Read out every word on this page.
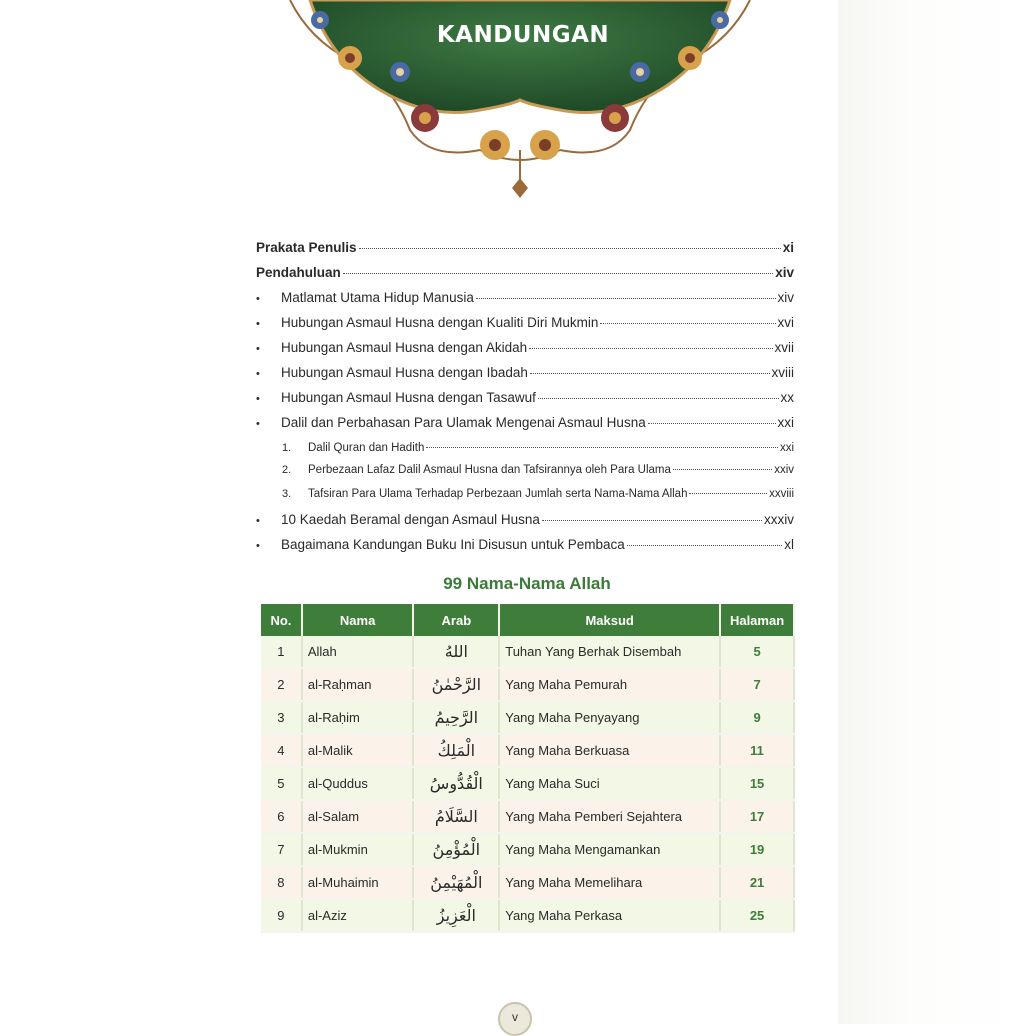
KANDUNGAN
Prakata Penulis	xi
Pendahuluan	xiv
•	Matlamat Utama Hidup Manusia	xiv
•	Hubungan Asmaul Husna dengan Kualiti Diri Mukmin	xvi
•	Hubungan Asmaul Husna dengan Akidah	xvii
•	Hubungan Asmaul Husna dengan Ibadah	xviii
•	Hubungan Asmaul Husna dengan Tasawuf	xx
•	Dalil dan Perbahasan Para Ulamak Mengenai Asmaul Husna	xxi
1.	Dalil Quran dan Hadith	xxi
2.	Perbezaan Lafaz Dalil Asmaul Husna dan Tafsirannya oleh Para Ulama	xxiv
3.	Tafsiran Para Ulama Terhadap Perbezaan Jumlah serta Nama-Nama Allah	xxviii
•	10 Kaedah Beramal dengan Asmaul Husna	xxxiv
•	Bagaimana Kandungan Buku Ini Disusun untuk Pembaca	xl
99 Nama-Nama Allah
No.	Nama	Arab	Maksud	Halaman
1	Allah	اللهُ	Tuhan Yang Berhak Disembah	5
2	al-Raḥman	الرَّحْمٰنُ	Yang Maha Pemurah	7
3	al-Raḥim	الرَّحِيمُ	Yang Maha Penyayang	9
4	al-Malik	الْمَلِكُ	Yang Maha Berkuasa	11
5	al-Quddus	الْقُدُّوسُ	Yang Maha Suci	15
6	al-Salam	السَّلَامُ	Yang Maha Pemberi Sejahtera	17
7	al-Mukmin	الْمُؤْمِنُ	Yang Maha Mengamankan	19
8	al-Muhaimin	الْمُهَيْمِنُ	Yang Maha Memelihara	21
9	al-Aziz	الْعَزِيزُ	Yang Maha Perkasa	25
v
